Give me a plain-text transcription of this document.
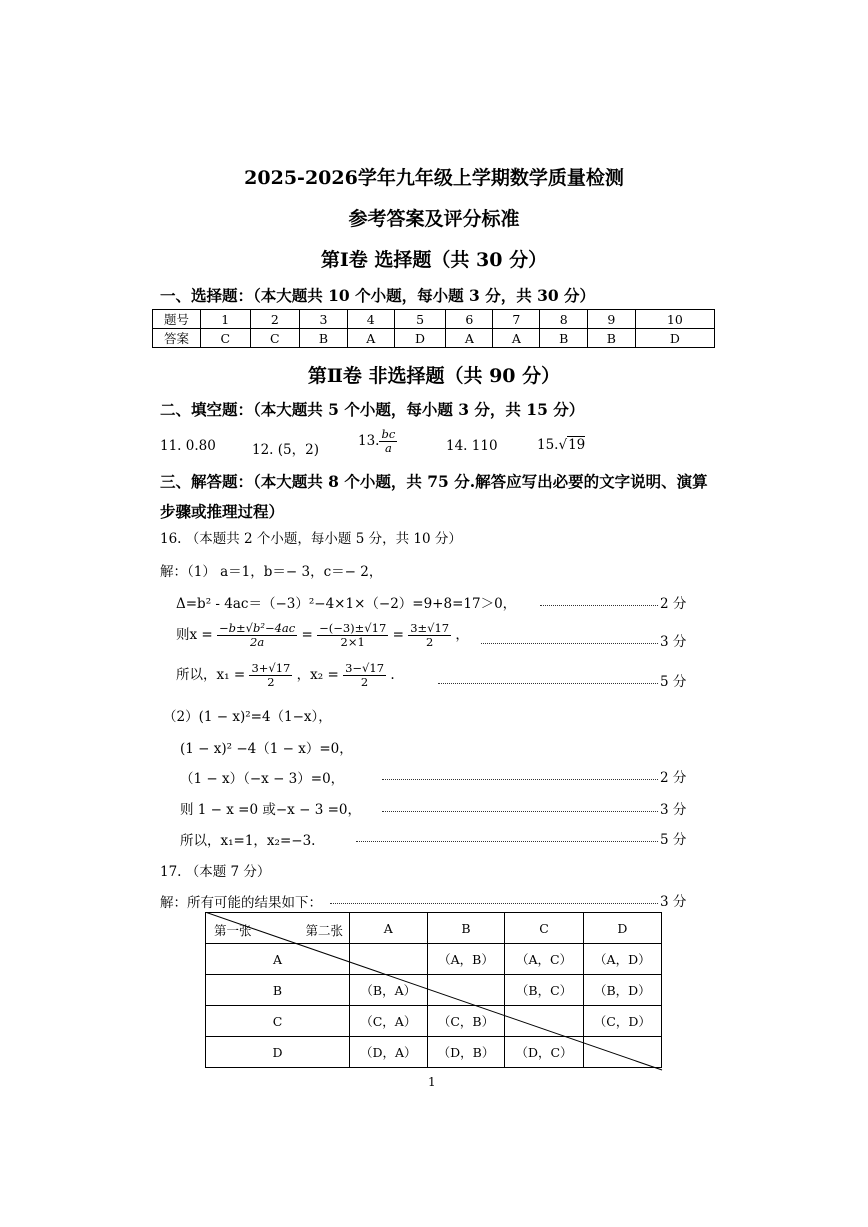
2025-2026学年九年级上学期数学质量检测
参考答案及评分标准
第Ⅰ卷 选择题（共 30 分）
一、选择题：（本大题共 10 个小题，每小题 3 分，共 30 分）
题号	1	2	3	4	5	6	7	8	9	10
答案	C	C	B	A	D	A	A	B	B	D
第Ⅱ卷 非选择题（共 90 分）
二、填空题：（本大题共 5 个小题，每小题 3 分，共 15 分）
11. 0.80	12. (5，2)
13. $\frac{bc}{a}$	14. 110	15.√19
三、解答题：（本大题共 8 个小题，共 75 分.解答应写出必要的文字说明、演算
步骤或推理过程）
16. （本题共 2 个小题，每小题 5 分，共 10 分）
解：（1） a＝1，b＝− 3，c＝− 2，
Δ=b² - 4ac＝（−3）²−4×1×（−2）=9+8=17＞0，	2 分
则$x = \frac{\text{−b±√b²−4ac}}{2a} = \frac{-(-3)\pm√17}{2\times 1} = \frac{3\pm√17}{2}$ ，	3 分
所以，$x_1 = \frac{3+√17}{2}$ ，$x_2 = \frac{3-√17}{2}$ .	5 分
（2）(1 − x)²=4（1−x），
(1 − x)² −4（1 − x）=0，
（1 − x）（−x − 3）=0，	2 分
则 1 − x =0 或−x − 3 =0，	3 分
所以，x₁=1，x₂=−3.	5 分
17. （本题 7 分）
解：所有可能的结果如下：	3 分
第一张 第二张	A	B	C	D
A		（A，B）	（A，C）	（A，D）
B	（B，A）		（B，C）	（B，D）
C	（C，A）	（C，B）		（C，D）
D	（D，A）	（D，B）	（D，C）	
1
